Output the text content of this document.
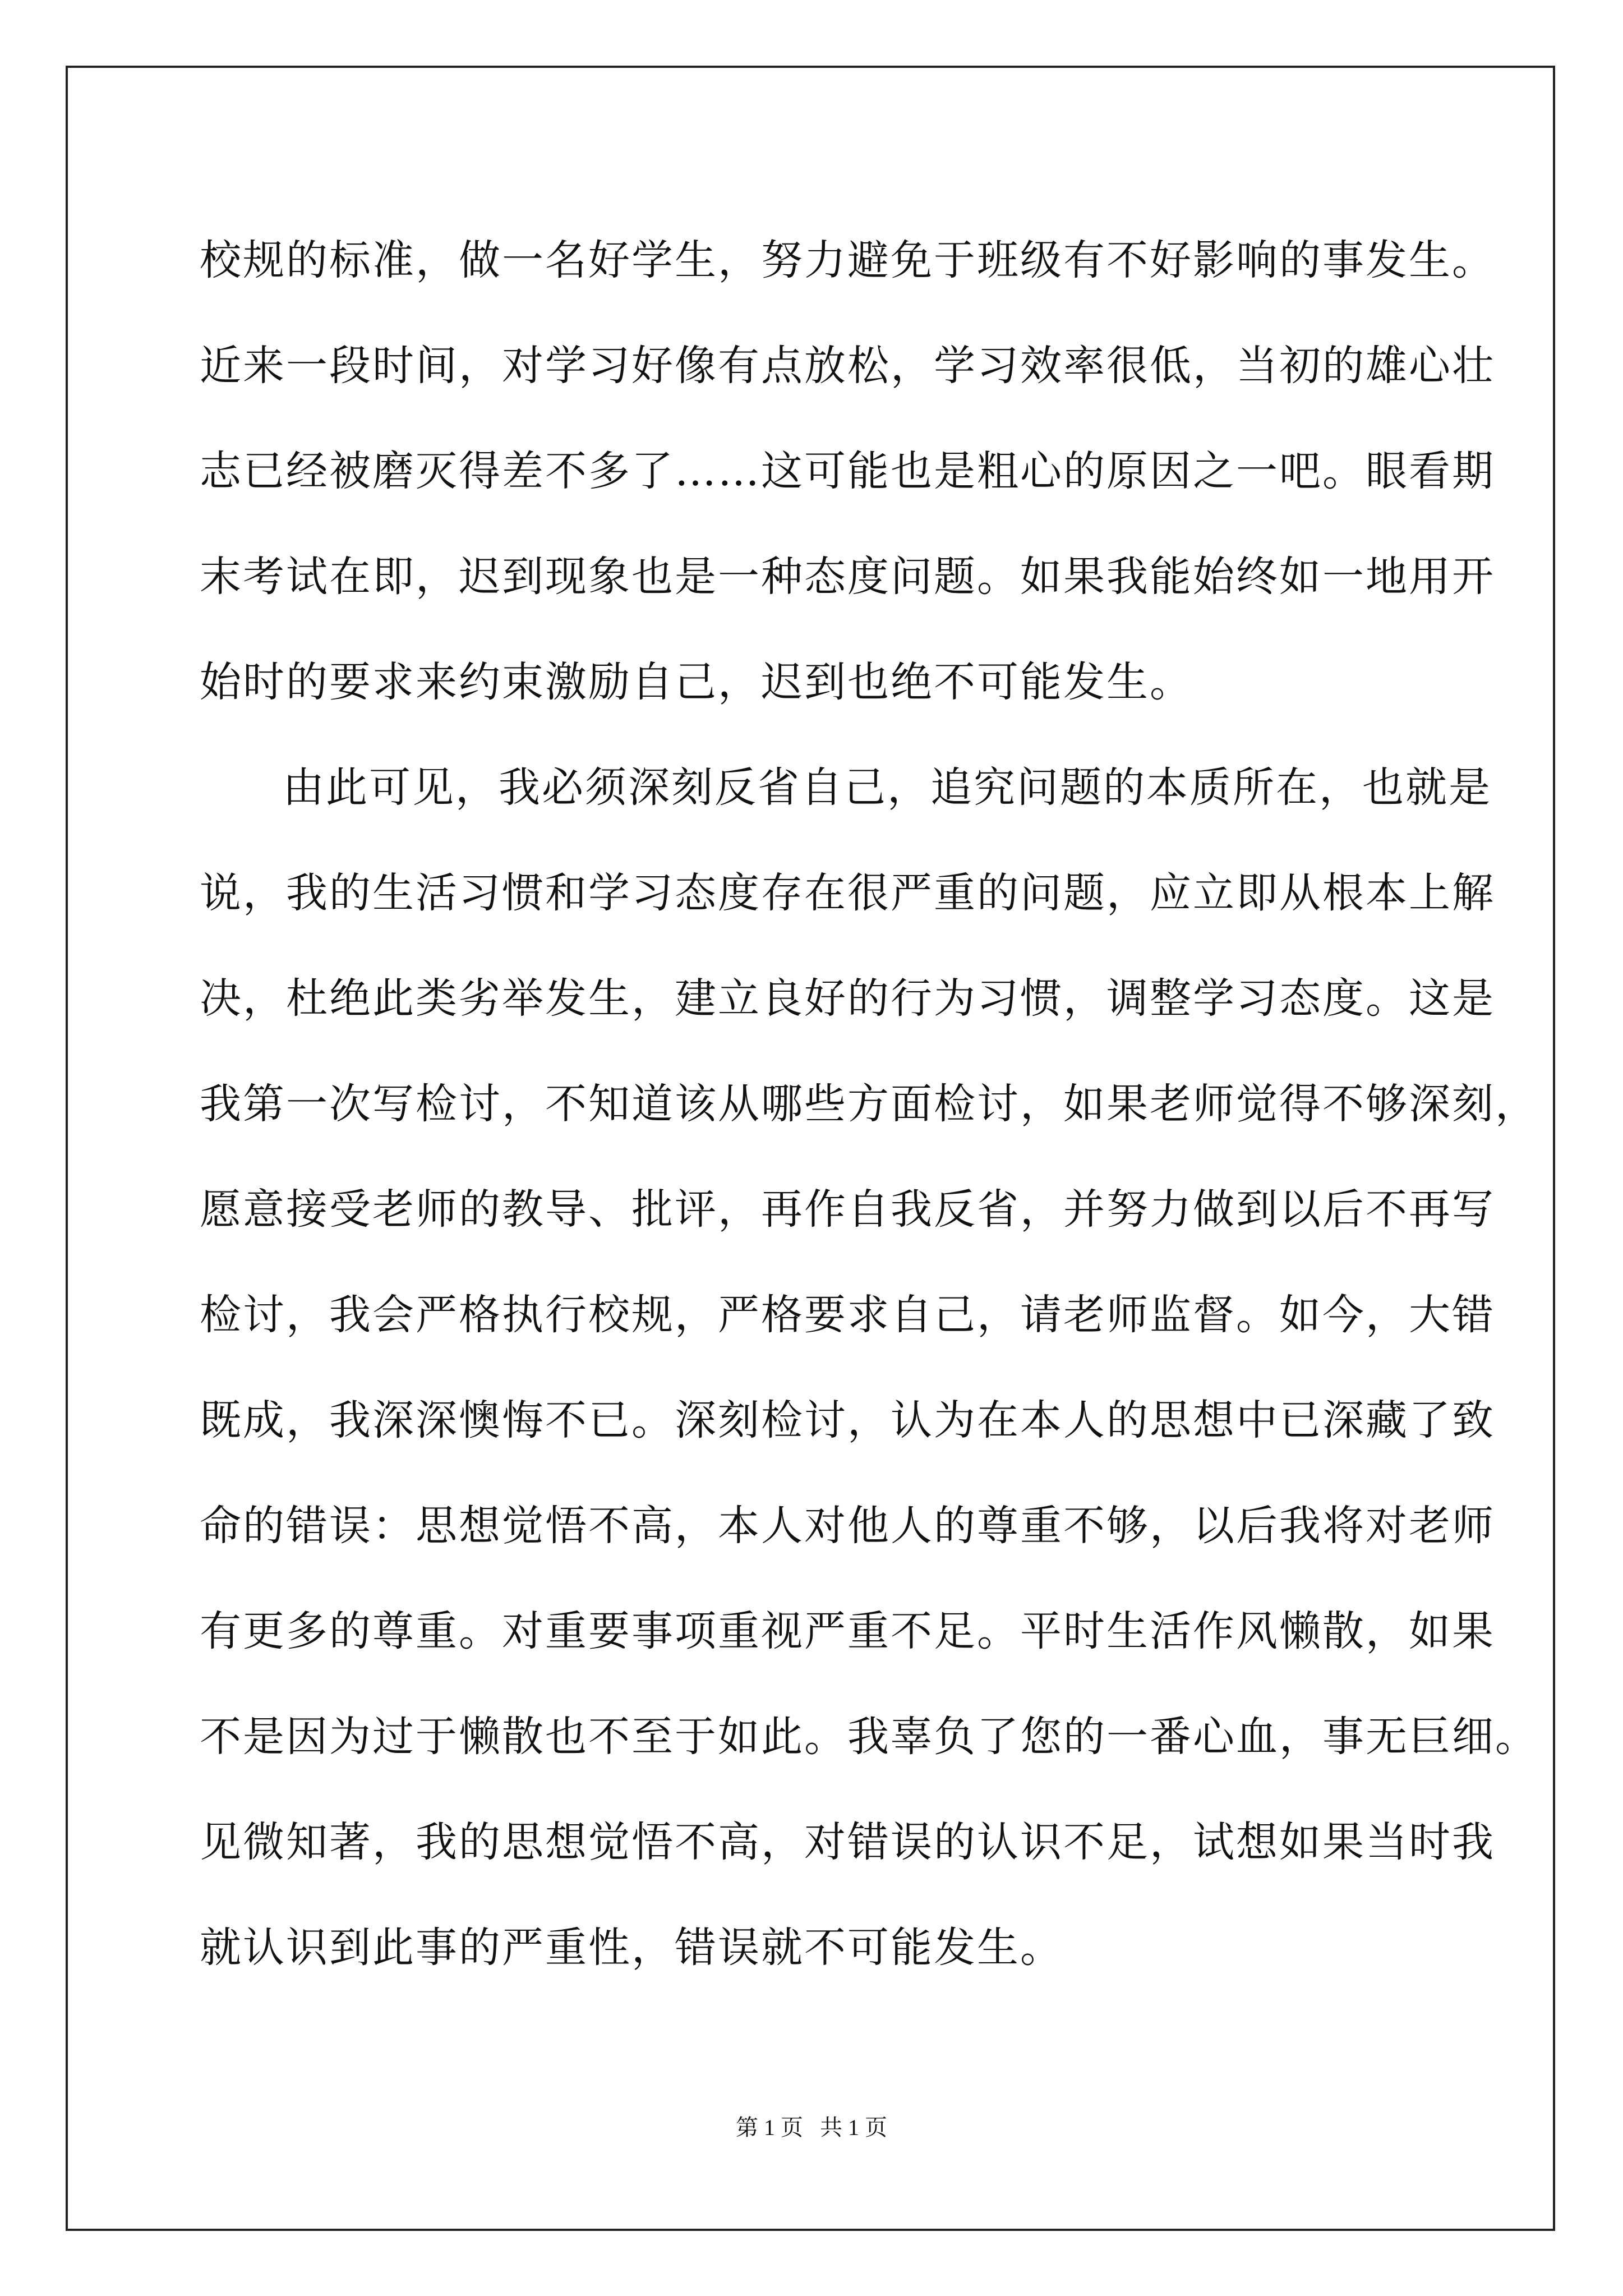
校规的标准，做一名好学生，努力避免于班级有不好影响的事发生。
近来一段时间，对学习好像有点放松，学习效率很低，当初的雄心壮
志已经被磨灭得差不多了……这可能也是粗心的原因之一吧。眼看期
末考试在即，迟到现象也是一种态度问题。如果我能始终如一地用开
始时的要求来约束激励自己，迟到也绝不可能发生。
由此可见，我必须深刻反省自己，追究问题的本质所在，也就是
说，我的生活习惯和学习态度存在很严重的问题，应立即从根本上解
决，杜绝此类劣举发生，建立良好的行为习惯，调整学习态度。这是
我第一次写检讨，不知道该从哪些方面检讨，如果老师觉得不够深刻，
愿意接受老师的教导、批评，再作自我反省，并努力做到以后不再写
检讨，我会严格执行校规，严格要求自己，请老师监督。如今，大错
既成，我深深懊悔不已。深刻检讨，认为在本人的思想中已深藏了致
命的错误：思想觉悟不高，本人对他人的尊重不够，以后我将对老师
有更多的尊重。对重要事项重视严重不足。平时生活作风懒散，如果
不是因为过于懒散也不至于如此。我辜负了您的一番心血，事无巨细。
见微知著，我的思想觉悟不高，对错误的认识不足，试想如果当时我
就认识到此事的严重性，错误就不可能发生。
第 1 页   共 1 页
